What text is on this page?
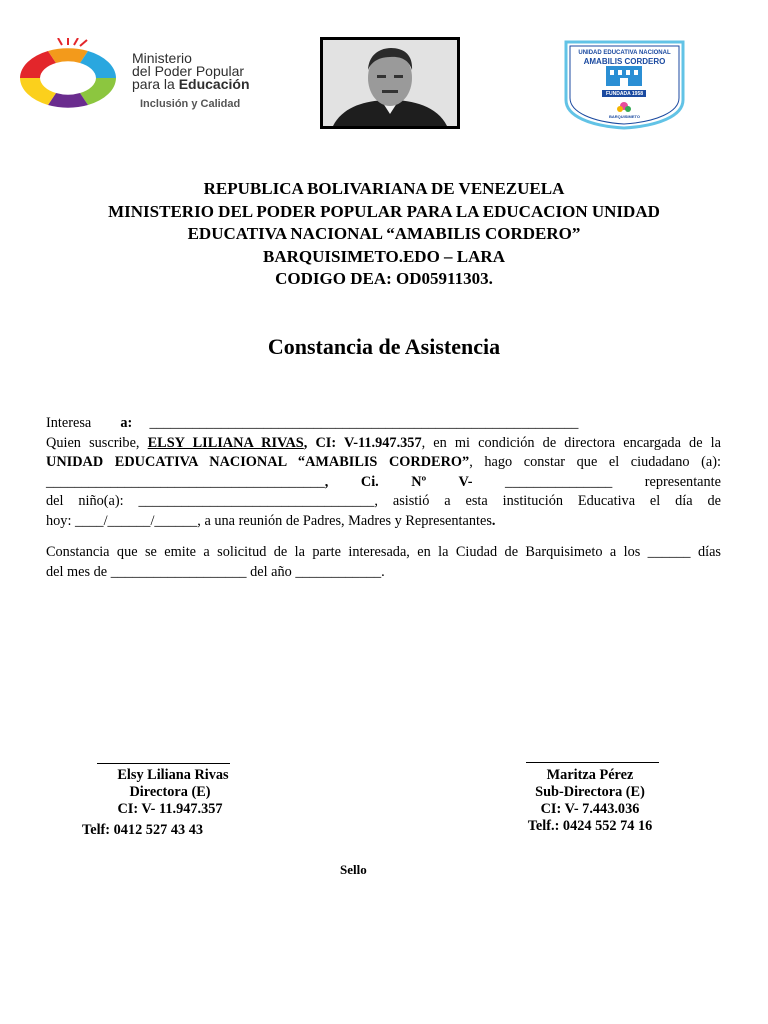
Ministerio
del Poder Popular
para la Educación
Inclusión y Calidad
UNIDAD EDUCATIVA NACIONAL
AMABILIS CORDERO
FUNDADA 1958
BARQUISIMETO
REPUBLICA BOLIVARIANA DE VENEZUELA
MINISTERIO DEL PODER POPULAR PARA LA EDUCACION UNIDAD
EDUCATIVA NACIONAL “AMABILIS CORDERO”
BARQUISIMETO.EDO – LARA
CODIGO DEA: OD05911303.
Constancia de Asistencia
Interesa a: ____________________________________________________________
Quien suscribe, ELSY LILIANA RIVAS, CI: V-11.947.357, en mi condición de directora encargada de la
UNIDAD EDUCATIVA NACIONAL “AMABILIS CORDERO”, hago constar que el ciudadano (a):
_______________________________________, Ci. Nº V- _______________ representante
del niño(a): _________________________________, asistió a esta institución Educativa el día de
hoy: ____/______/______, a una reunión de Padres, Madres y Representantes.
Constancia que se emite a solicitud de la parte interesada, en la Ciudad de Barquisimeto a los ______ días
del mes de ___________________ del año ____________.
Elsy Liliana Rivas
Directora (E)
CI: V- 11.947.357
Telf: 0412 527 43 43
Maritza Pérez
Sub-Directora (E)
CI: V- 7.443.036
Telf.: 0424 552 74 16
Sello
